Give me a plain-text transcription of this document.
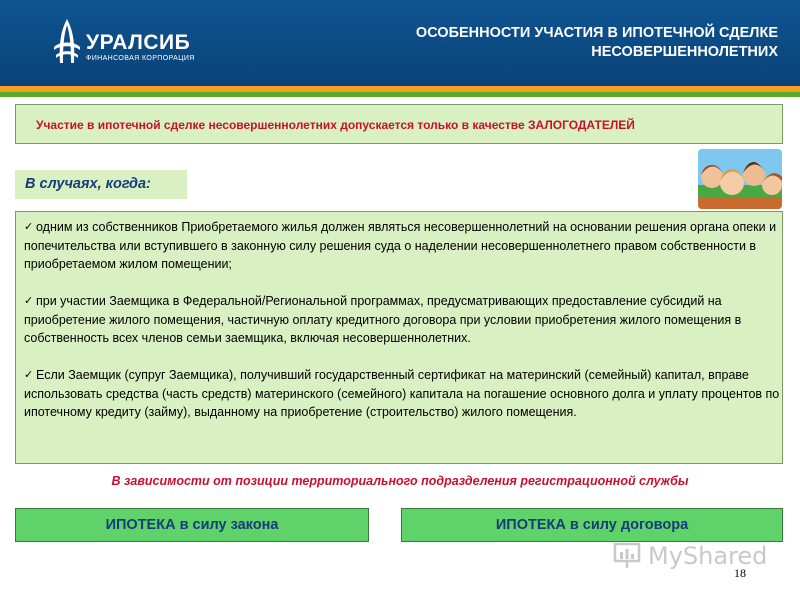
УРАЛСИБ
ФИНАНСОВАЯ КОРПОРАЦИЯ
ОСОБЕННОСТИ УЧАСТИЯ В ИПОТЕЧНОЙ СДЕЛКЕ
НЕСОВЕРШЕННОЛЕТНИХ
Участие в ипотечной сделке несовершеннолетних допускается только в качестве ЗАЛОГОДАТЕЛЕЙ
В случаях, когда:
✓ одним из собственников Приобретаемого жилья должен являться несовершеннолетний на основании решения органа опеки и попечительства или вступившего в законную силу решения суда о наделении несовершеннолетнего правом собственности в приобретаемом жилом помещении;
✓ при участии Заемщика в Федеральной/Региональной программах, предусматривающих предоставление субсидий на приобретение жилого помещения, частичную оплату кредитного договора при условии приобретения жилого помещения в собственность всех членов семьи заемщика, включая несовершеннолетних.
✓ Если Заемщик (супруг Заемщика), получивший государственный сертификат на материнский (семейный) капитал, вправе использовать средства (часть средств) материнского (семейного) капитала на погашение основного долга и уплату процентов по ипотечному кредиту (займу), выданному на приобретение (строительство) жилого помещения.
В зависимости от позиции территориального подразделения регистрационной службы
ИПОТЕКА в силу закона	ИПОТЕКА в силу договора
MyShared
18
